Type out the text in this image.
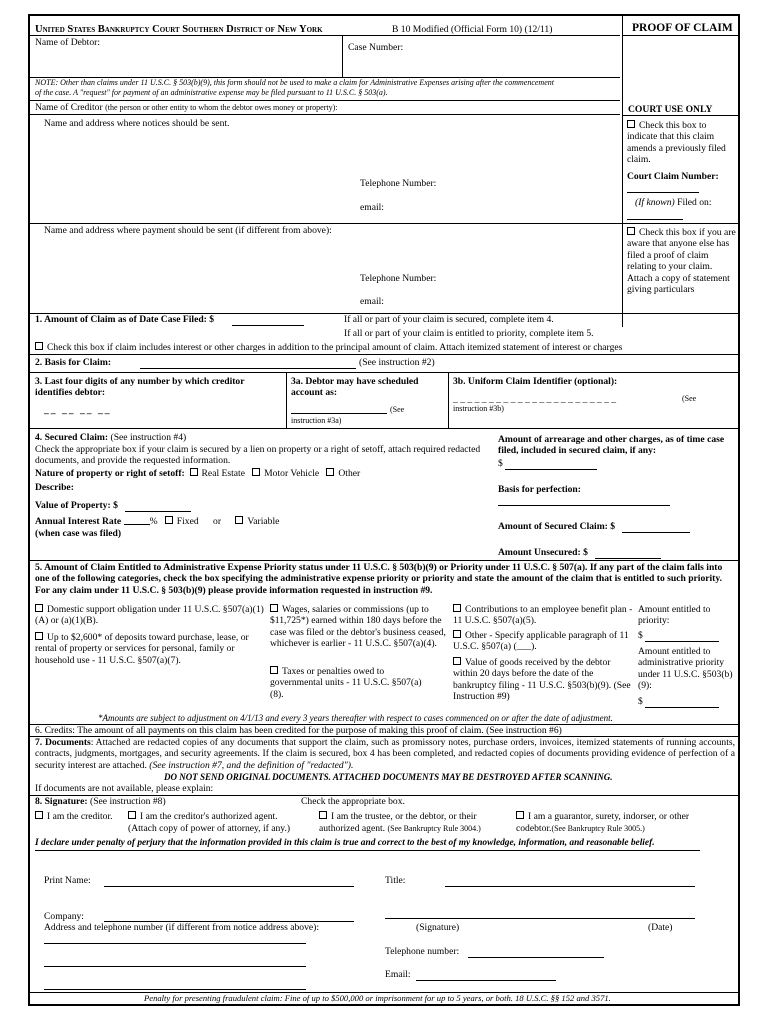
United States Bankruptcy Court Southern District of New York	B 10 Modified (Official Form 10) (12/11)	PROOF OF CLAIM
Name of Debtor:	Case Number:
NOTE: Other than claims under 11 U.S.C. § 503(b)(9), this form should not be used to make a claim for Administrative Expenses arising after the commencement
of the case. A "request" for payment of an administrative expense may be filed pursuant to 11 U.S.C. § 503(a).
Name of Creditor (the person or other entity to whom the debtor owes money or property):	COURT USE ONLY
Name and address where notices should be sent.
Telephone Number:
email:
Check this box to indicate that this claim amends a previously filed claim.
Court Claim Number:
(If known) Filed on:
Name and address where payment should be sent (if different from above):
Telephone Number:
email:
Check this box if you are aware that anyone else has filed a proof of claim relating to your claim. Attach a copy of statement giving particulars
1. Amount of Claim as of Date Case Filed: $	If all or part of your claim is secured, complete item 4.
If all or part of your claim is entitled to priority, complete item 5.
Check this box if claim includes interest or other charges in addition to the principal amount of claim. Attach itemized statement of interest or charges
2. Basis for Claim:	(See instruction #2)
3. Last four digits of any number by which creditor identifies debtor:
__ __ __ __
3a. Debtor may have scheduled account as:
(See
instruction #3a)
3b. Uniform Claim Identifier (optional):
_ _ _ _ _ _ _ _ _ _ _ _ _ _ _ _ _ _ _ _ _ _ _	(See
instruction #3b)
4. Secured Claim: (See instruction #4)
Check the appropriate box if your claim is secured by a lien on property or a right of setoff, attach required redacted documents, and provide the requested information.
Nature of property or right of setoff: Real Estate Motor Vehicle Other
Describe:
Value of Property: $
Annual Interest Rate	% Fixed or	Variable
(when case was filed)
Amount of arrearage and other charges, as of time case filed, included in secured claim, if any:
$
Basis for perfection:
Amount of Secured Claim: $
Amount Unsecured: $
5. Amount of Claim Entitled to Administrative Expense Priority status under 11 U.S.C. § 503(b)(9) or Priority under 11 U.S.C. § 507(a). If any part of the claim falls into one of the following categories, check the box specifying the administrative expense priority or priority and state the amount of the claim that is entitled to such priority. For any claim under 11 U.S.C. § 503(b)(9) please provide information requested in instruction #9.
Domestic support obligation under 11 U.S.C. §507(a)(1)(A) or (a)(1)(B).
Up to $2,600* of deposits toward purchase, lease, or rental of property or services for personal, family or household use - 11 U.S.C. §507(a)(7).
Wages, salaries or commissions (up to $11,725*) earned within 180 days before the case was filed or the debtor's business ceased, whichever is earlier - 11 U.S.C. §507(a)(4).
Taxes or penalties owed to governmental units - 11 U.S.C. §507(a)(8).
Contributions to an employee benefit plan - 11 U.S.C. §507(a)(5).
Other - Specify applicable paragraph of 11 U.S.C. §507(a) (___).
Value of goods received by the debtor within 20 days before the date of the bankruptcy filing - 11 U.S.C. §503(b)(9). (See Instruction #9)
Amount entitled to priority:
$
Amount entitled to administrative priority under 11 U.S.C. §503(b)(9):
$
*Amounts are subject to adjustment on 4/1/13 and every 3 years thereafter with respect to cases commenced on or after the date of adjustment.
6. Credits: The amount of all payments on this claim has been credited for the purpose of making this proof of claim. (See instruction #6)
7. Documents: Attached are redacted copies of any documents that support the claim, such as promissory notes, purchase orders, invoices, itemized statements of running accounts, contracts, judgments, mortgages, and security agreements. If the claim is secured, box 4 has been completed, and redacted copies of documents providing evidence of perfection of a security interest are attached. (See instruction #7, and the definition of "redacted").
DO NOT SEND ORIGINAL DOCUMENTS. ATTACHED DOCUMENTS MAY BE DESTROYED AFTER SCANNING.
If documents are not available, please explain:
8. Signature: (See instruction #8)	Check the appropriate box.
I am the creditor.	I am the creditor's authorized agent.
(Attach copy of power of attorney, if any.)
I am the trustee, or the debtor, or their
authorized agent. (See Bankruptcy Rule 3004.)
I am a guarantor, surety, indorser, or other
codebtor.(See Bankruptcy Rule 3005.)
I declare under penalty of perjury that the information provided in this claim is true and correct to the best of my knowledge, information, and reasonable belief.
Print Name:	Title:
Company:
Address and telephone number (if different from notice address above):	(Signature)	(Date)
Telephone number:
Email:
Penalty for presenting fraudulent claim: Fine of up to $500,000 or imprisonment for up to 5 years, or both. 18 U.S.C. §§ 152 and 3571.
